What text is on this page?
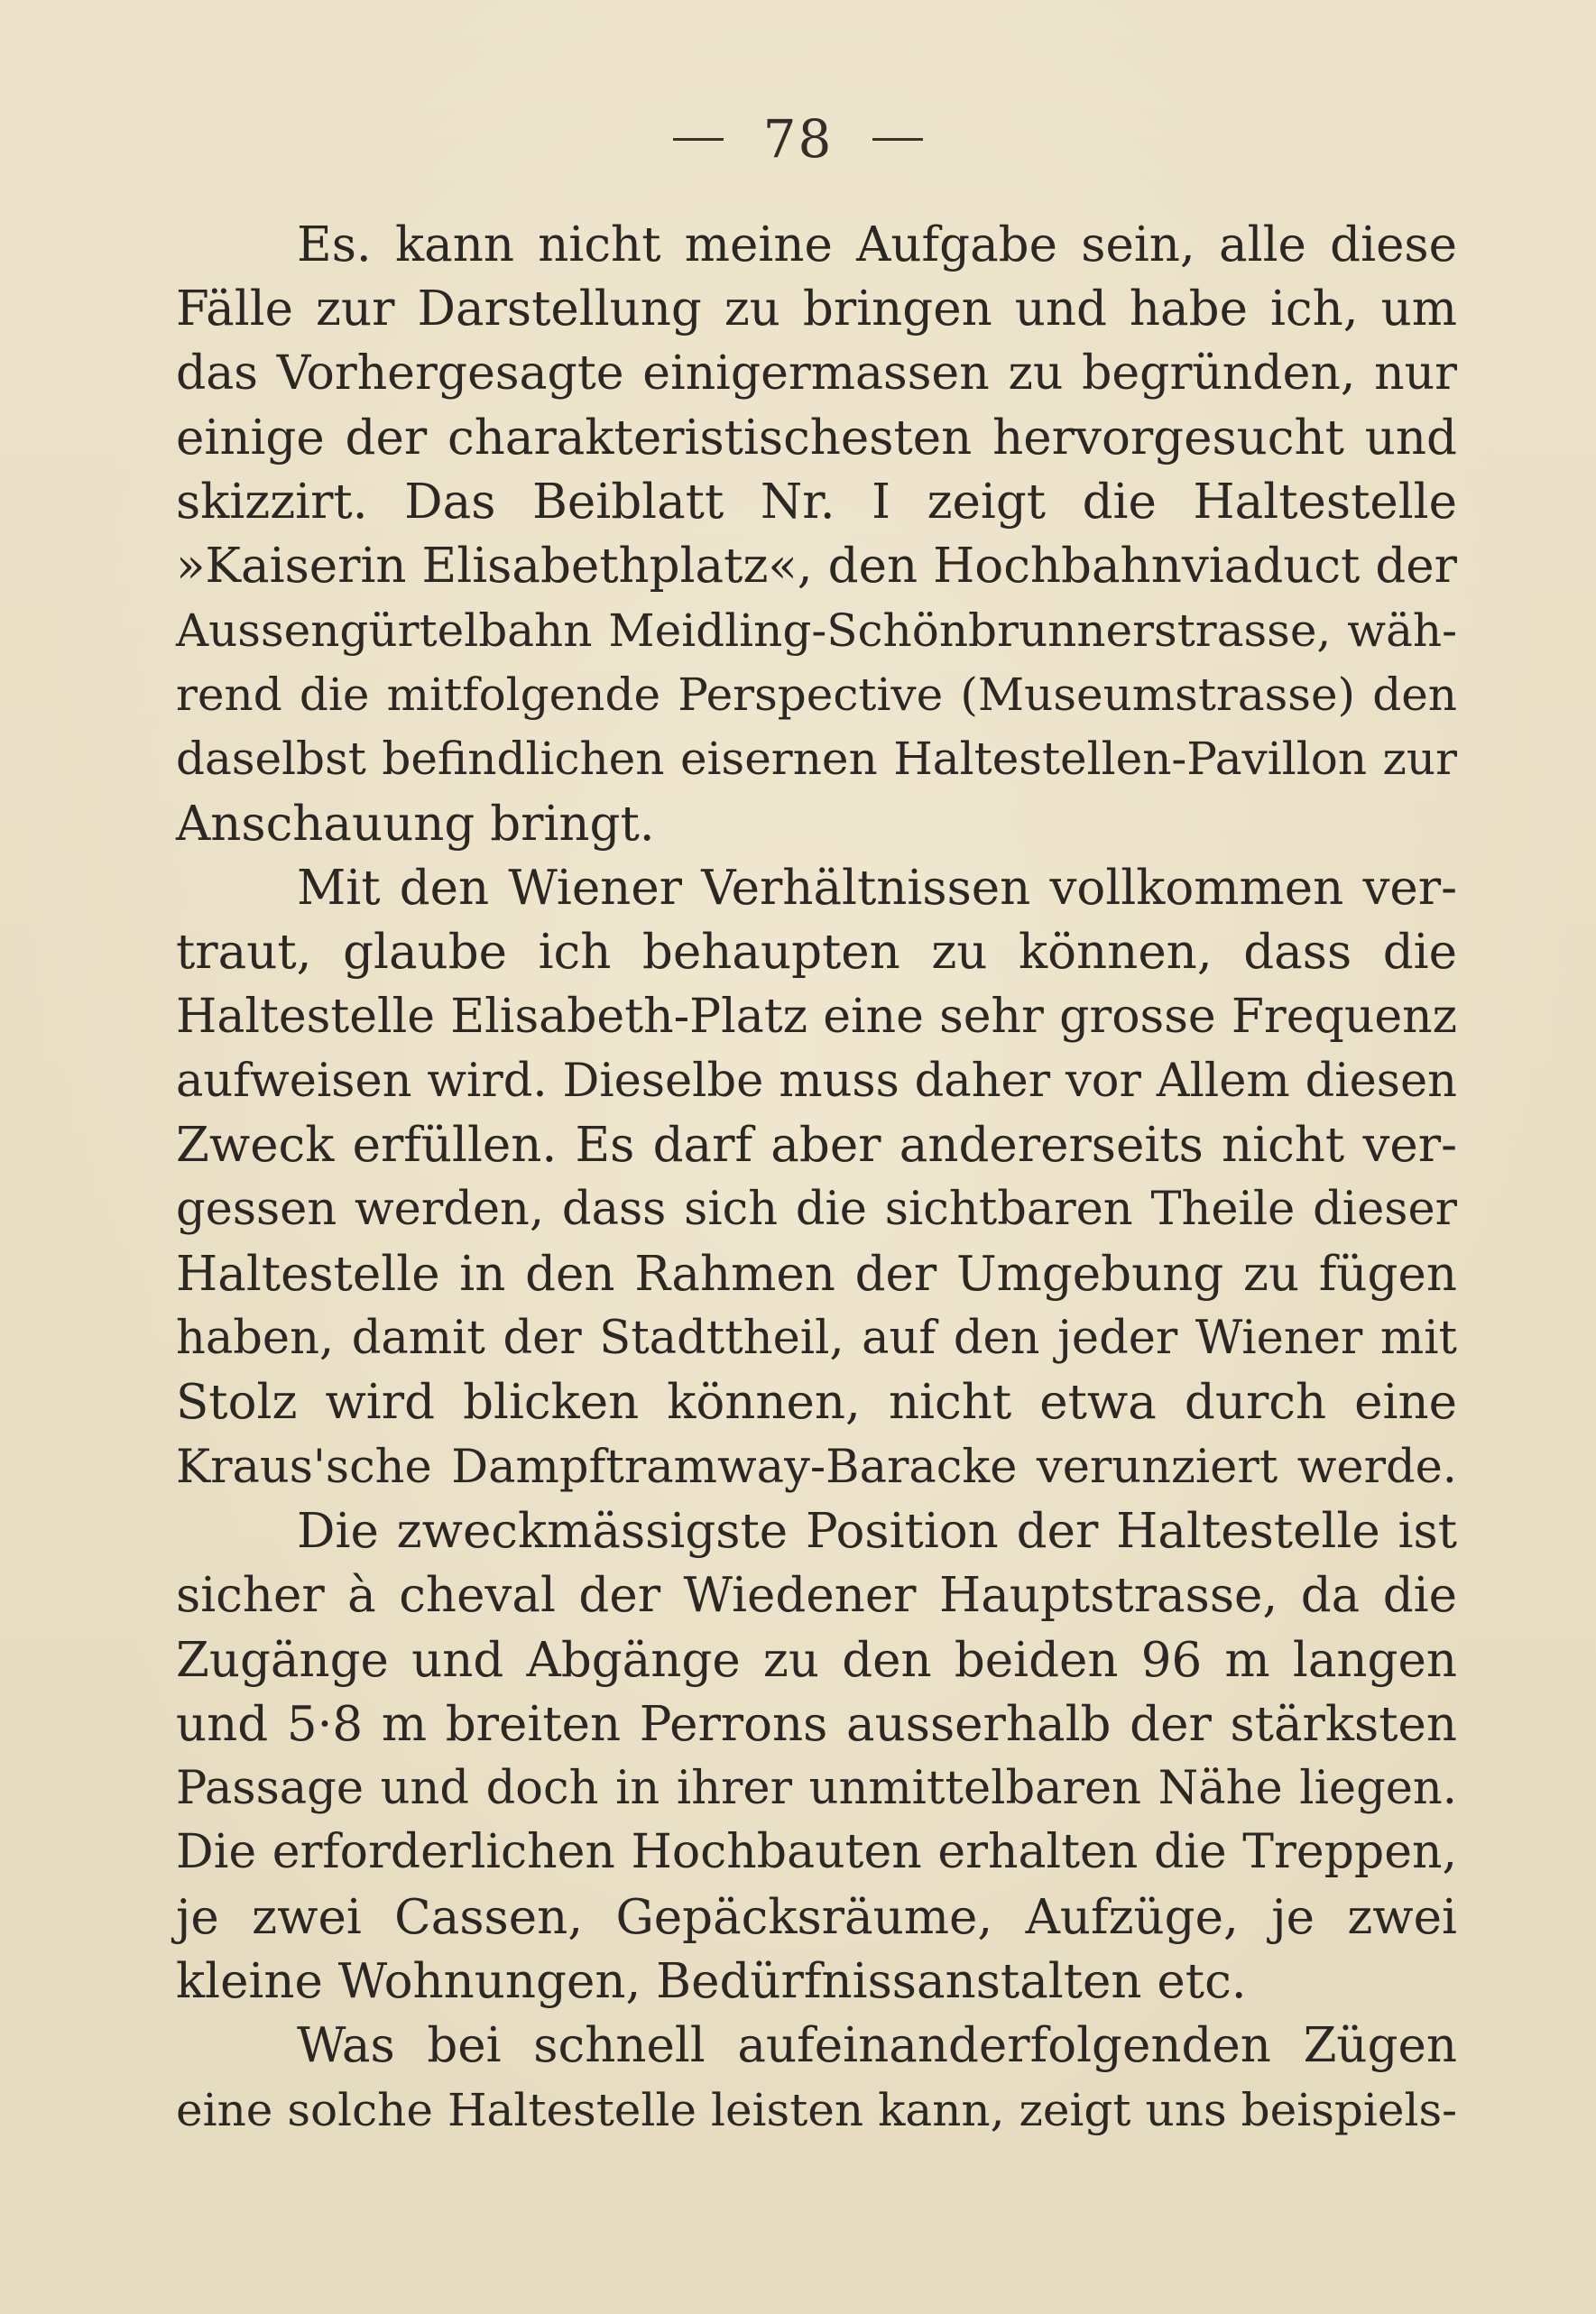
78
Es. kann nicht meine Aufgabe sein, alle diese
Fälle zur Darstellung zu bringen und habe ich, um
das Vorhergesagte einigermassen zu begründen, nur
einige der charakteristischesten hervorgesucht und
skizzirt. Das Beiblatt Nr. I zeigt die Haltestelle
»Kaiserin Elisabethplatz«, den Hochbahnviaduct der
Aussengürtelbahn Meidling-Schönbrunnerstrasse, wäh-
rend die mitfolgende Perspective (Museumstrasse) den
daselbst befindlichen eisernen Haltestellen-Pavillon zur
Anschauung bringt.
Mit den Wiener Verhältnissen vollkommen ver-
traut, glaube ich behaupten zu können, dass die
Haltestelle Elisabeth-Platz eine sehr grosse Frequenz
aufweisen wird. Dieselbe muss daher vor Allem diesen
Zweck erfüllen. Es darf aber andererseits nicht ver-
gessen werden, dass sich die sichtbaren Theile dieser
Haltestelle in den Rahmen der Umgebung zu fügen
haben, damit der Stadttheil, auf den jeder Wiener mit
Stolz wird blicken können, nicht etwa durch eine
Kraus'sche Dampftramway-Baracke verunziert werde.
Die zweckmässigste Position der Haltestelle ist
sicher à cheval der Wiedener Hauptstrasse, da die
Zugänge und Abgänge zu den beiden 96 m langen
und 5·8 m breiten Perrons ausserhalb der stärksten
Passage und doch in ihrer unmittelbaren Nähe liegen.
Die erforderlichen Hochbauten erhalten die Treppen,
je zwei Cassen, Gepäcksräume, Aufzüge, je zwei
kleine Wohnungen, Bedürfnissanstalten etc.
Was bei schnell aufeinanderfolgenden Zügen
eine solche Haltestelle leisten kann, zeigt uns beispiels-
